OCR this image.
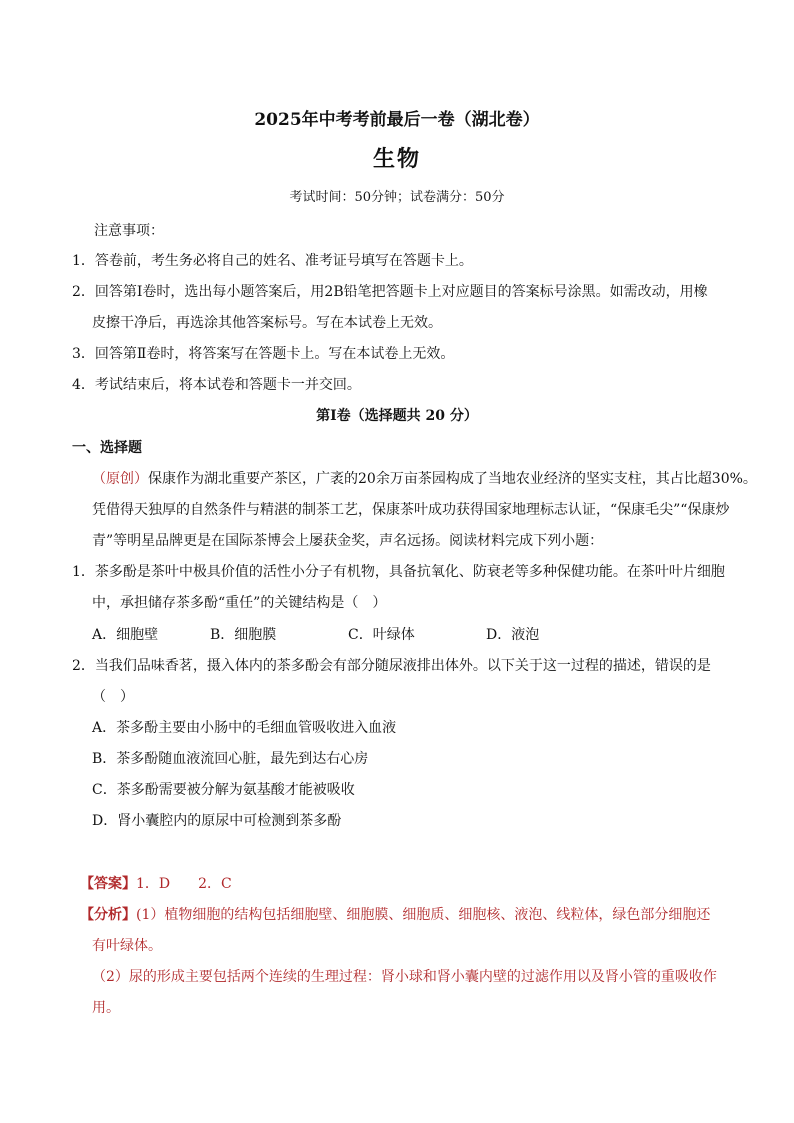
2025年中考考前最后一卷（湖北卷）
生物
考试时间：50分钟；试卷满分：50分
注意事项：
1．答卷前，考生务必将自己的姓名、准考证号填写在答题卡上。
2．回答第Ⅰ卷时，选出每小题答案后，用2B铅笔把答题卡上对应题目的答案标号涂黑。如需改动，用橡
皮擦干净后，再选涂其他答案标号。写在本试卷上无效。
3．回答第Ⅱ卷时，将答案写在答题卡上。写在本试卷上无效。
4．考试结束后，将本试卷和答题卡一并交回。
第Ⅰ卷（选择题共 20 分）
一、选择题
（原创）保康作为湖北重要产茶区，广袤的20余万亩茶园构成了当地农业经济的坚实支柱，其占比超30%。
凭借得天独厚的自然条件与精湛的制茶工艺，保康茶叶成功获得国家地理标志认证，“保康毛尖”“保康炒
青”等明星品牌更是在国际茶博会上屡获金奖，声名远扬。阅读材料完成下列小题：
1．茶多酚是茶叶中极具价值的活性小分子有机物，具备抗氧化、防衰老等多种保健功能。在茶叶叶片细胞
中，承担储存茶多酚“重任”的关键结构是（　）
A．细胞壁	B．细胞膜	C．叶绿体	D．液泡
2．当我们品味香茗，摄入体内的茶多酚会有部分随尿液排出体外。以下关于这一过程的描述，错误的是
（　）
A．茶多酚主要由小肠中的毛细血管吸收进入血液
B．茶多酚随血液流回心脏，最先到达右心房
C．茶多酚需要被分解为氨基酸才能被吸收
D．肾小囊腔内的原尿中可检测到茶多酚
【答案】1．D　　2．C
【分析】(1）植物细胞的结构包括细胞壁、细胞膜、细胞质、细胞核、液泡、线粒体，绿色部分细胞还
有叶绿体。
（2）尿的形成主要包括两个连续的生理过程：肾小球和肾小囊内壁的过滤作用以及肾小管的重吸收作
用。
